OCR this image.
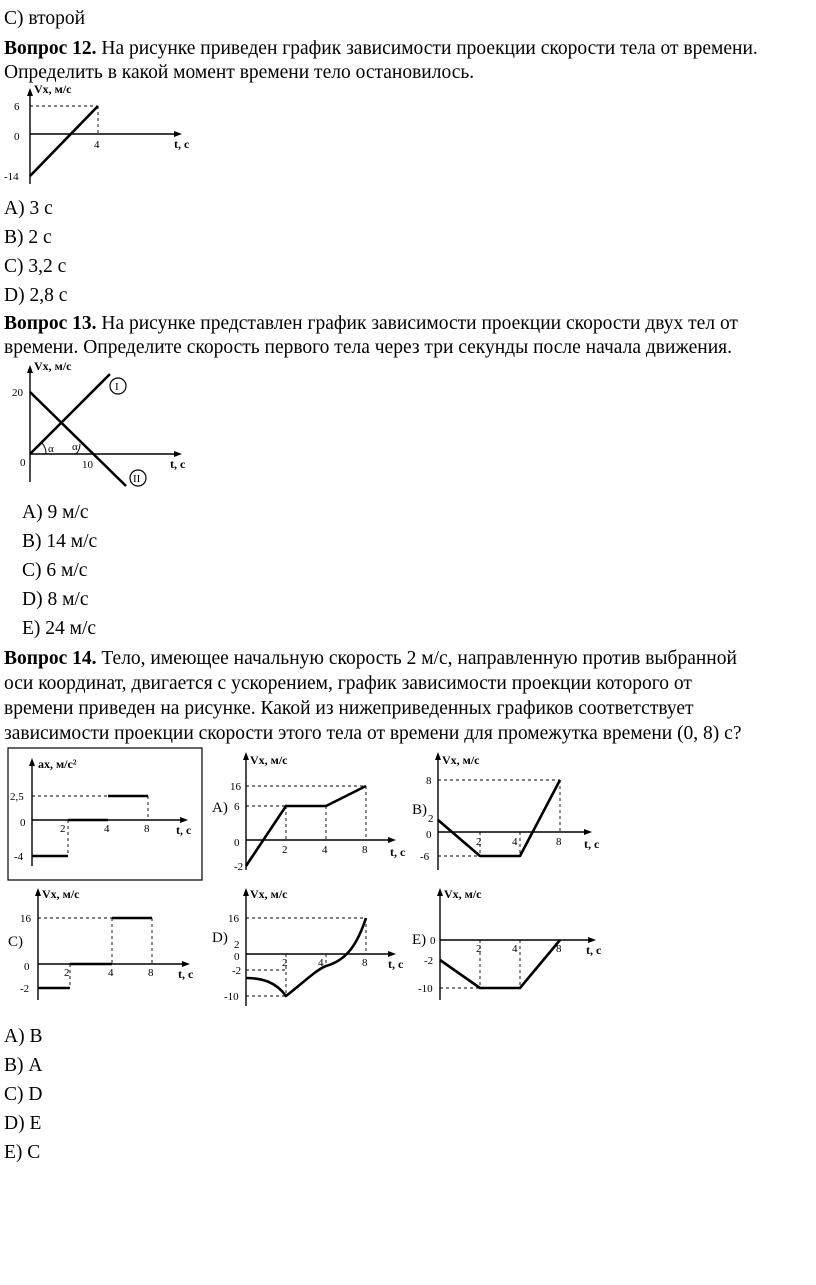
С) второй
Вопрос 12. На рисунке приведен график зависимости проекции скорости тела от времени.
Определить в какой момент времени тело остановилось.
Vx, м/с
t, с
6
0
-14
4
А) 3 с
В) 2 с
С) 3,2 с
D) 2,8 с
Вопрос 13. На рисунке представлен график зависимости проекции скорости двух тел от
времени. Определите скорость первого тела через три секунды после начала движения.
Vx, м/с
t, с
20
0	10
α α
I
II
А) 9 м/с
В) 14 м/с
С) 6 м/с
D) 8 м/с
Е) 24 м/с
Вопрос 14. Тело, имеющее начальную скорость 2 м/с, направленную против выбранной
оси координат, двигается с ускорением, график зависимости проекции которого от
времени приведен на рисунке. Какой из нижеприведенных графиков соответствует
зависимости проекции скорости этого тела от времени для промежутка времени (0, 8) с?
ax, м/с²
t, с
2,5
0
-4
2	4	8
Vx, м/с
t, с
A)
16
6
0
-2
2	4	8
Vx, м/с
t, с
B)
8
2
0
-6
2	4	8
Vx, м/с
t, с
C)
16
0
-2
2	4	8
Vx, м/с
t, с
D)
16
2
0
-2
-10
2	4	8
Vx, м/с
t, с
E) 0
-2
-10
2	4	8
А) В
В) А
С) D
D) Е
Е) С
